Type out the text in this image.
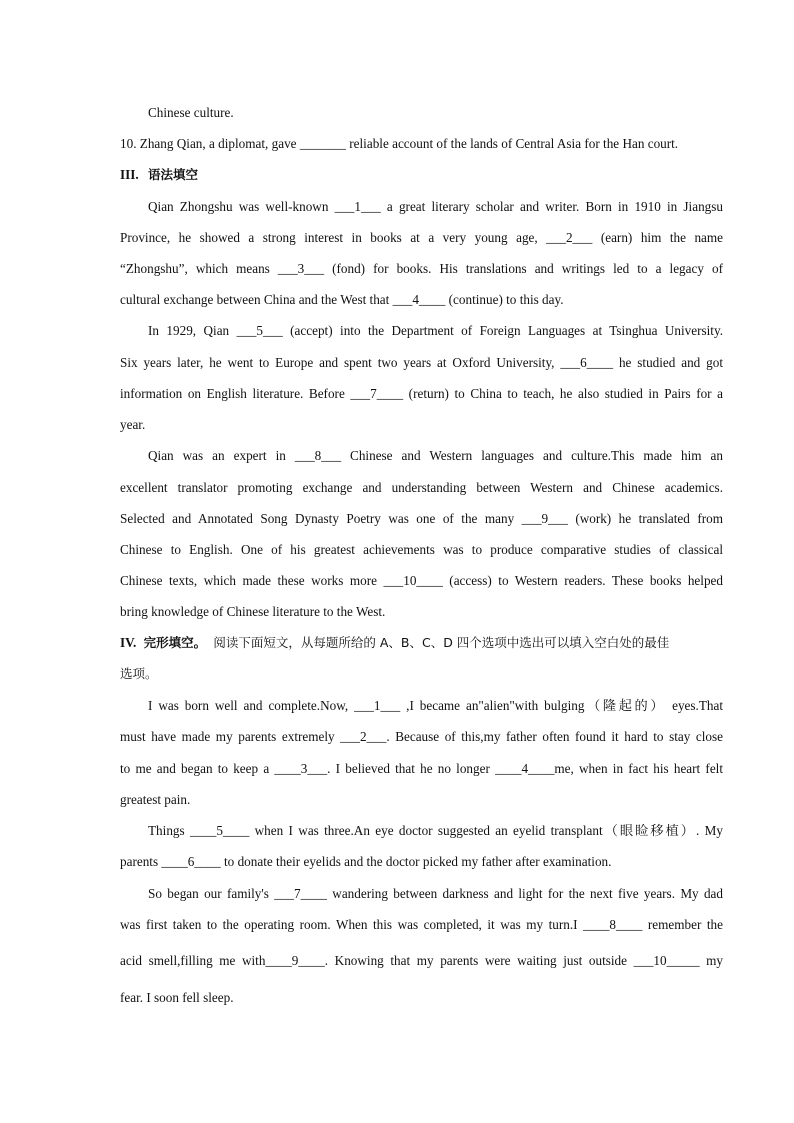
Chinese culture.
10. Zhang Qian, a diplomat, gave _______ reliable account of the lands of Central Asia for the Han court.
III. 语法填空
Qian Zhongshu was well-known ___1___ a great literary scholar and writer. Born in 1910 in Jiangsu
Province, he showed a strong interest in books at a very young age, ___2___ (earn) him the name
“Zhongshu”, which means ___3___ (fond) for books. His translations and writings led to a legacy of
cultural exchange between China and the West that ___4____ (continue) to this day.
In 1929, Qian ___5___ (accept) into the Department of Foreign Languages at Tsinghua University.
Six years later, he went to Europe and spent two years at Oxford University, ___6____ he studied and got
information on English literature. Before ___7____ (return) to China to teach, he also studied in Pairs for a
year.
Qian was an expert in ___8___ Chinese and Western languages and culture.This made him an
excellent translator promoting exchange and understanding between Western and Chinese academics.
Selected and Annotated Song Dynasty Poetry was one of the many ___9___ (work) he translated from
Chinese to English. One of his greatest achievements was to produce comparative studies of classical
Chinese texts, which made these works more ___10____ (access) to Western readers. These books helped
bring knowledge of Chinese literature to the West.
IV. 完形填空。 阅读下面短文，从每题所给的 A、B、C、D 四个选项中选出可以填入空白处的最佳
选项。
I was born well and complete.Now, ___1___ ,I became an"alien"with bulging（隆起的） eyes.That
must have made my parents extremely ___2___. Because of this,my father often found it hard to stay close
to me and began to keep a ____3___. I believed that he no longer ____4____me, when in fact his heart felt
greatest pain.
Things ____5____ when I was three.An eye doctor suggested an eyelid transplant（眼睑移植）. My
parents ____6____ to donate their eyelids and the doctor picked my father after examination.
So began our family's ___7____ wandering between darkness and light for the next five years. My dad
was first taken to the operating room. When this was completed, it was my turn.I ____8____ remember the
acid smell,filling me with____9____. Knowing that my parents were waiting just outside ___10_____ my
fear. I soon fell sleep.
